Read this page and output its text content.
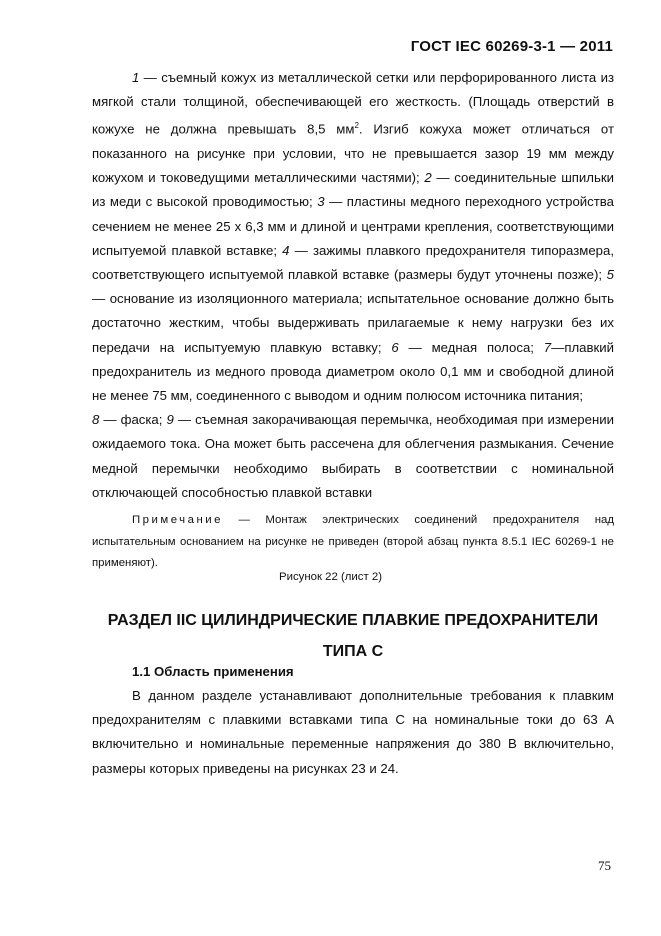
ГОСТ IEC 60269-3-1 — 2011

1 — съемный кожух из металлической сетки или перфорированного листа из мягкой стали толщиной, обеспечивающей его жесткость. (Площадь отверстий в кожухе не должна превышать 8,5 $мм^2$. Изгиб кожуха может отличаться от показанного на рисунке при условии, что не превышается зазор 19 мм между кожухом и токоведущими металлическими частями); 2 — соединительные шпильки из меди с высокой проводимостью; 3 — пластины медного переходного устройства сечением не менее 25 x 6,3 мм и длиной и центрами крепления, соответствующими испытуемой плавкой вставке; 4 — зажимы плавкого предохранителя типоразмера, соответствующего испытуемой плавкой вставке (размеры будут уточнены позже); 5 — основание из изоляционного материала; испытательное основание должно быть достаточно жестким, чтобы выдерживать прилагаемые к нему нагрузки без их передачи на испытуемую плавкую вставку; 6 — медная полоса; 7—плавкий предохранитель из медного провода диаметром около 0,1 мм и свободной длиной не менее 75 мм, соединенного с выводом и одним полюсом источника питания;

8 — фаска; 9 — съемная закорачивающая перемычка, необходимая при измерении ожидаемого тока. Она может быть рассечена для облегчения размыкания. Сечение медной перемычки необходимо выбирать в соответствии с номинальной отключающей способностью плавкой вставки

Примечание — Монтаж электрических соединений предохранителя над испытательным основанием на рисунке не приведен (второй абзац пункта 8.5.1 IEC 60269-1 не применяют).
Рисунок 22 (лист 2)
РАЗДЕЛ IIC ЦИЛИНДРИЧЕСКИЕ ПЛАВКИЕ ПРЕДОХРАНИТЕЛИ ТИПА С
1.1 Область применения
В данном разделе устанавливают дополнительные требования к плавким предохранителям с плавкими вставками типа С на номинальные токи до 63 А включительно и номинальные переменные напряжения до 380 В включительно, размеры которых приведены на рисунках 23 и 24.
75
